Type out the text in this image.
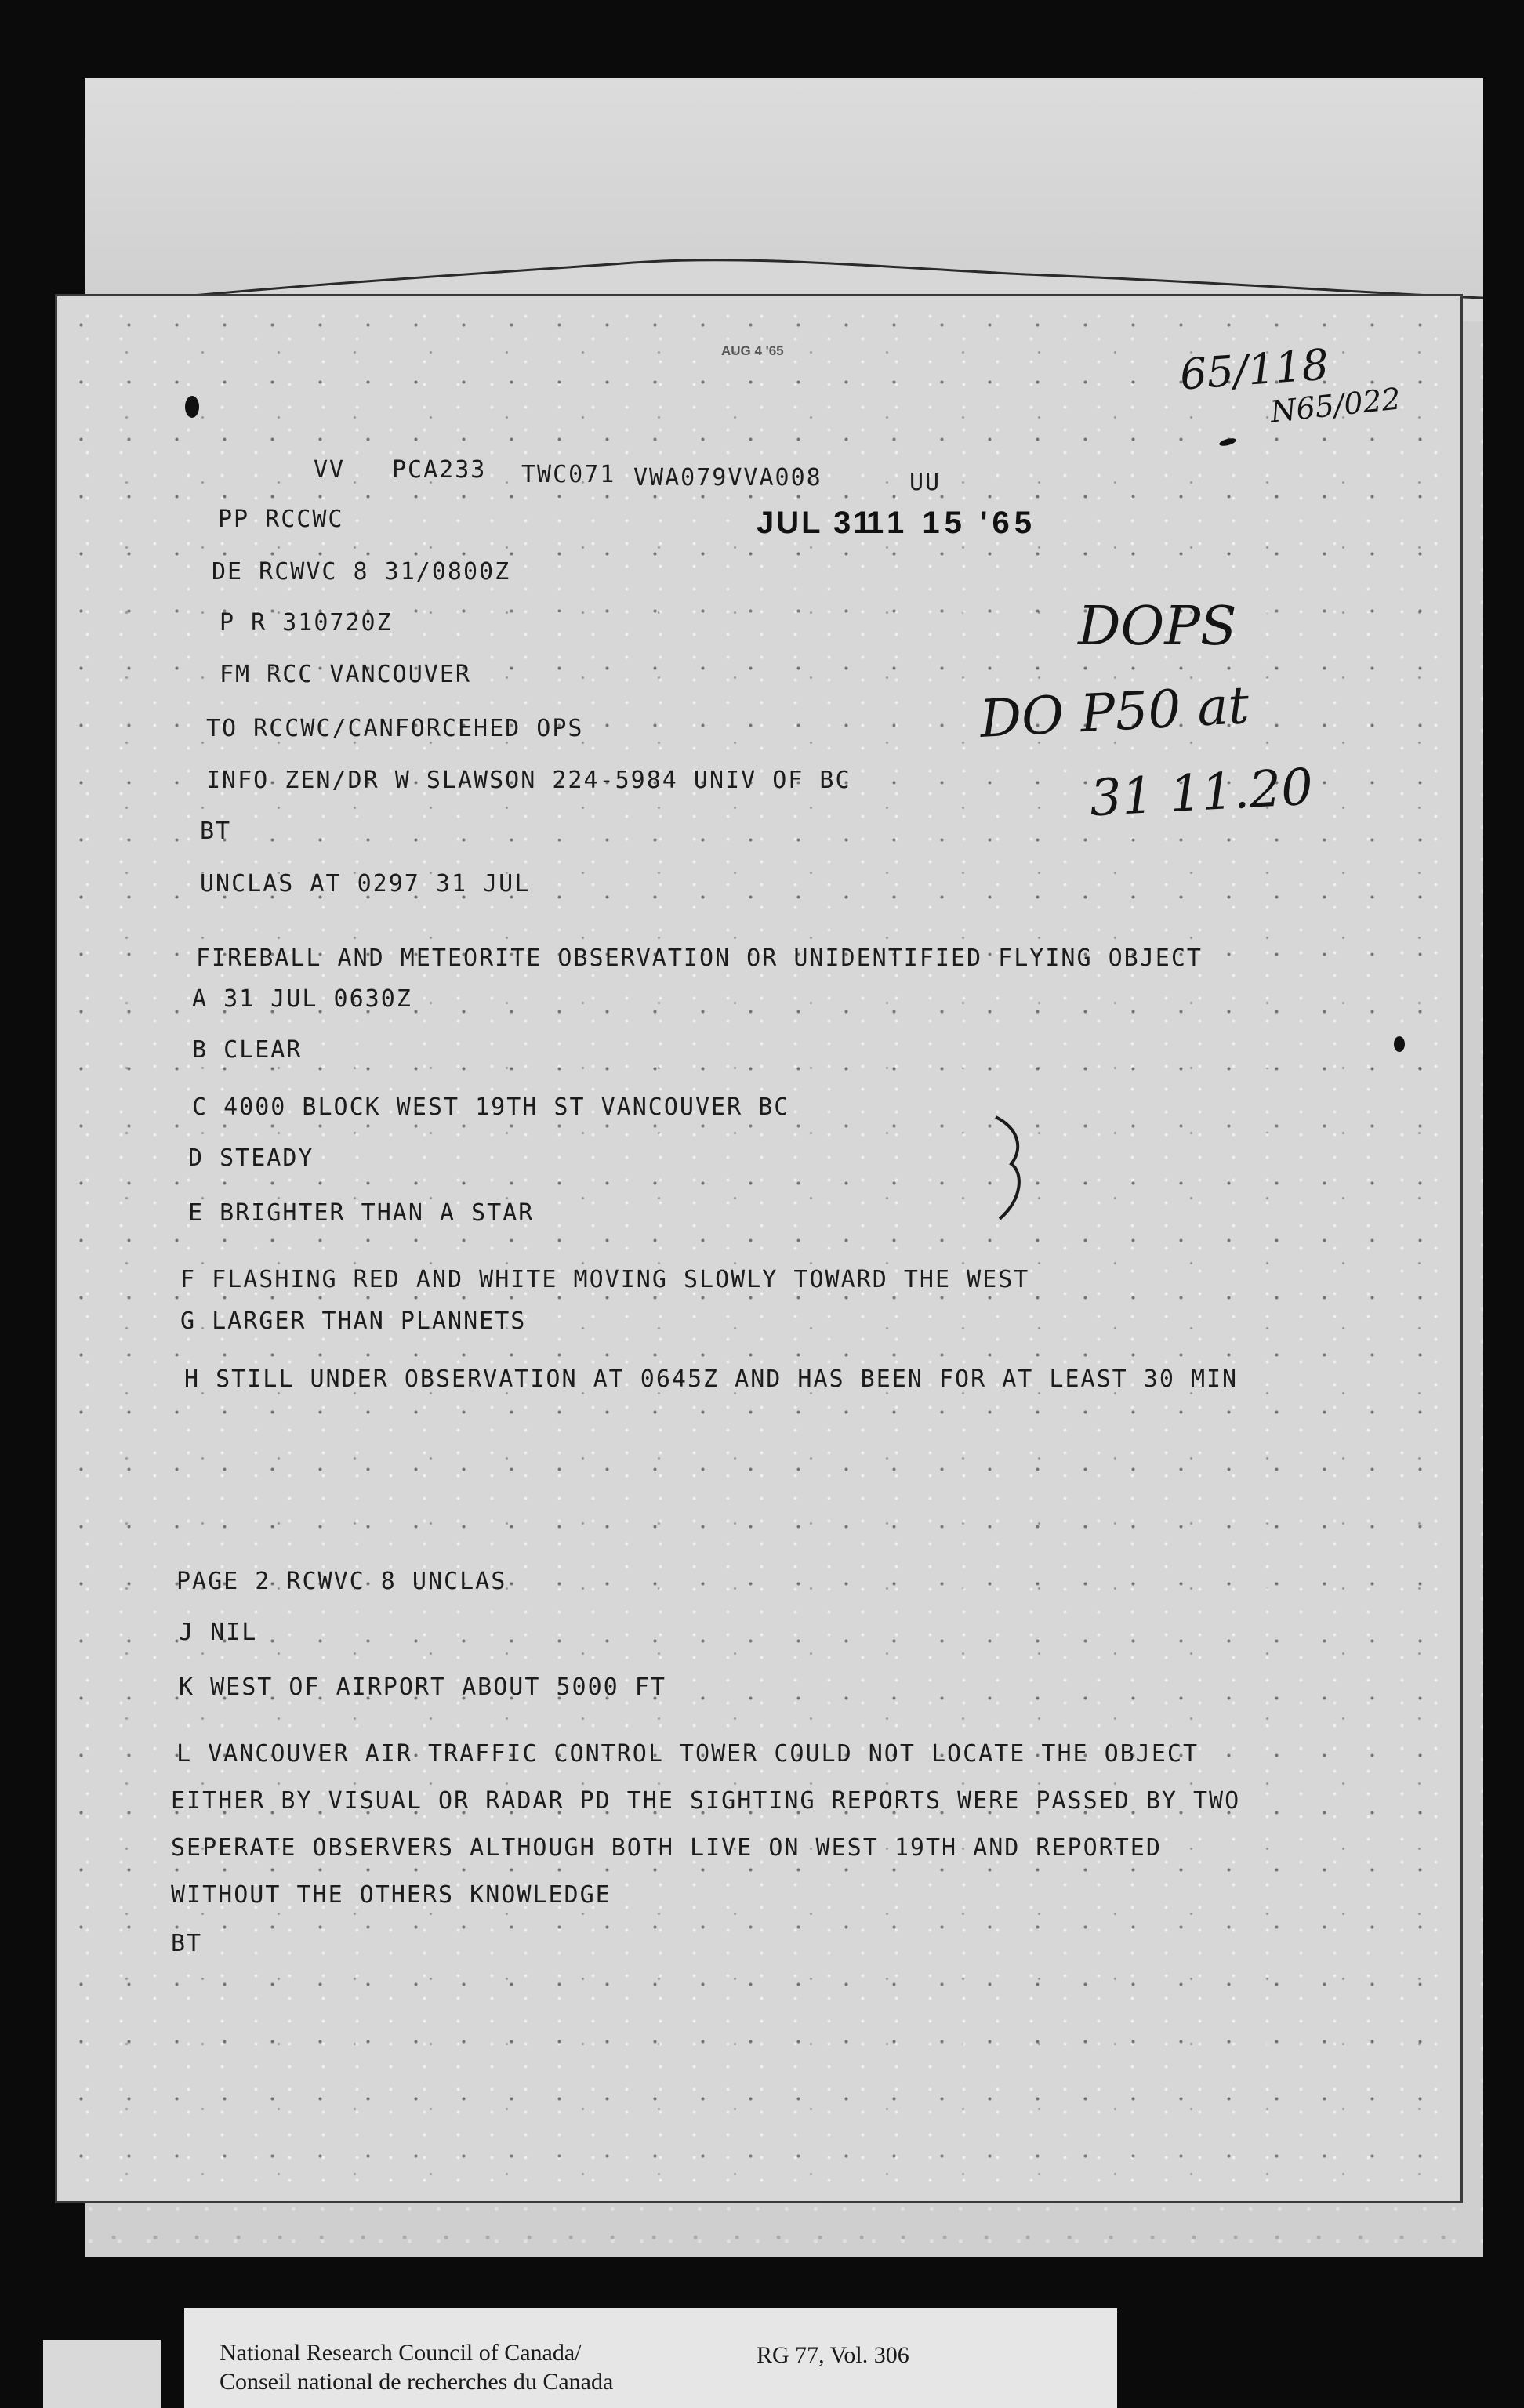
AUG 4 '65	65/118
N65/022
DOPS
DO P50 at
31 11.20
JUL 31
11 15 '65
VV PCA233 TWC071 VWA079VVA008	UU
PP RCCWC
DE RCWVC 8 31/0800Z
P R 310720Z
FM RCC VANCOUVER
TO RCCWC/CANFORCEHED OPS
INFO ZEN/DR W SLAWSON 224-5984 UNIV OF BC
BT
UNCLAS AT 0297 31 JUL
FIREBALL AND METEORITE OBSERVATION OR UNIDENTIFIED FLYING OBJECT
A 31 JUL 0630Z
B CLEAR
C 4000 BLOCK WEST 19TH ST VANCOUVER BC
D STEADY
E BRIGHTER THAN A STAR
F FLASHING RED AND WHITE MOVING SLOWLY TOWARD THE WEST
G LARGER THAN PLANNETS
H STILL UNDER OBSERVATION AT 0645Z AND HAS BEEN FOR AT LEAST 30 MIN
PAGE 2 RCWVC 8 UNCLAS
J NIL
K WEST OF AIRPORT ABOUT 5000 FT
L VANCOUVER AIR TRAFFIC CONTROL TOWER COULD NOT LOCATE THE OBJECT
EITHER BY VISUAL OR RADAR PD THE SIGHTING REPORTS WERE PASSED BY TWO
SEPERATE OBSERVERS ALTHOUGH BOTH LIVE ON WEST 19TH AND REPORTED
WITHOUT THE OTHERS KNOWLEDGE
BT
National Research Council of Canada/
Conseil national de recherches du Canada
RG 77, Vol. 306
